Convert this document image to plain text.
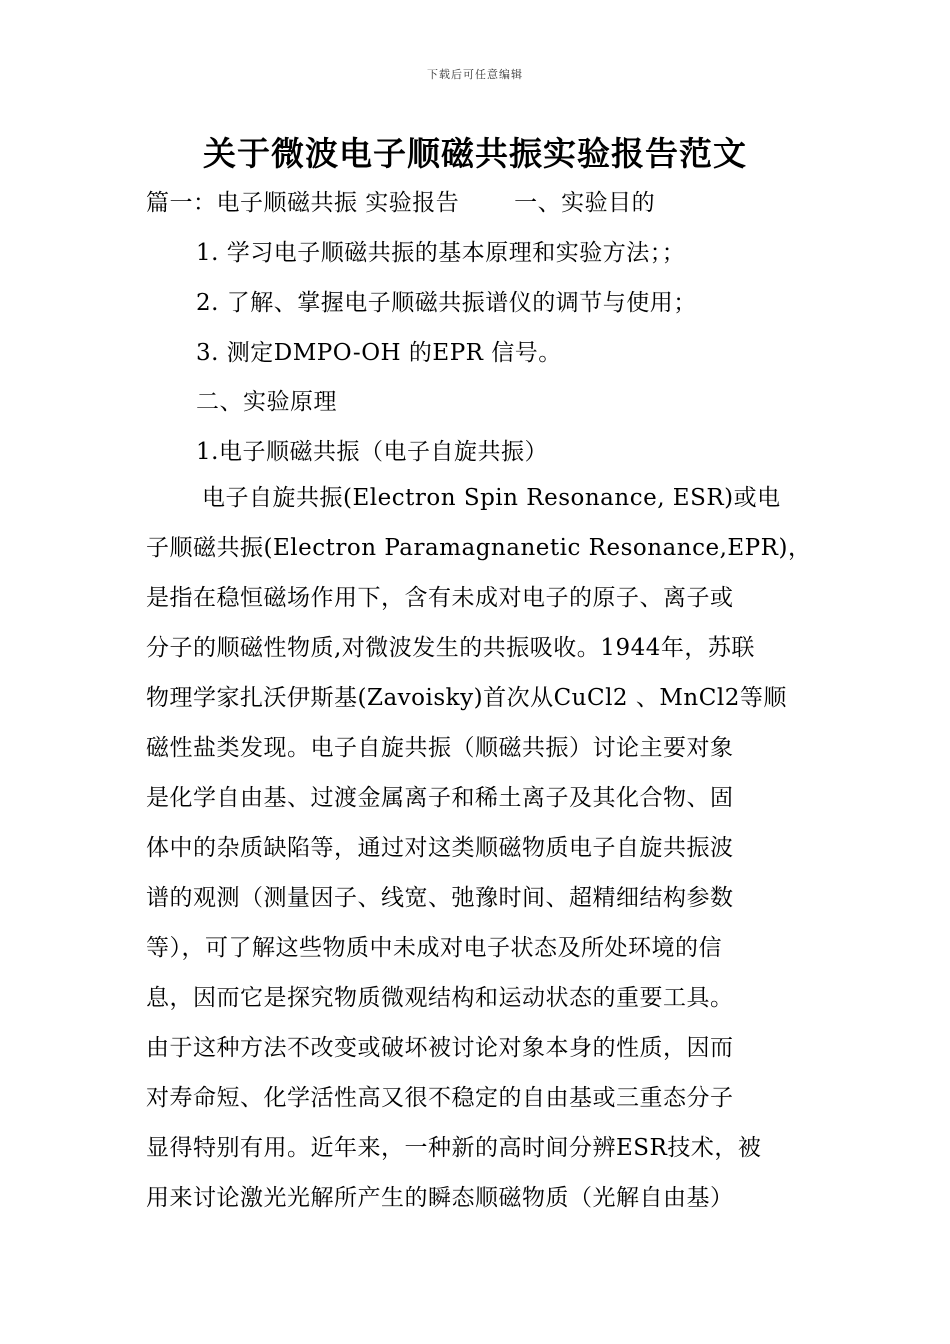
下载后可任意编辑
关于微波电子顺磁共振实验报告范文
篇一：电子顺磁共振 实验报告　　 一、实验目的
1. 学习电子顺磁共振的基本原理和实验方法；；
2. 了解、掌握电子顺磁共振谱仪的调节与使用；
3. 测定DMPO-OH 的EPR 信号。
二、实验原理
1.电子顺磁共振（电子自旋共振）
电子自旋共振(Electron Spin Resonance, ESR)或电
子顺磁共振(Electron Paramagnanetic Resonance,EPR)，
是指在稳恒磁场作用下，含有未成对电子的原子、离子或
分子的顺磁性物质,对微波发生的共振吸收。1944年，苏联
物理学家扎沃伊斯基(Zavoisky)首次从CuCl2 、MnCl2等顺
磁性盐类发现。电子自旋共振（顺磁共振）讨论主要对象
是化学自由基、过渡金属离子和稀土离子及其化合物、固
体中的杂质缺陷等，通过对这类顺磁物质电子自旋共振波
谱的观测（测量因子、线宽、弛豫时间、超精细结构参数
等），可了解这些物质中未成对电子状态及所处环境的信
息，因而它是探究物质微观结构和运动状态的重要工具。
由于这种方法不改变或破坏被讨论对象本身的性质，因而
对寿命短、化学活性高又很不稳定的自由基或三重态分子
显得特别有用。近年来，一种新的高时间分辨ESR技术，被
用来讨论激光光解所产生的瞬态顺磁物质（光解自由基）
